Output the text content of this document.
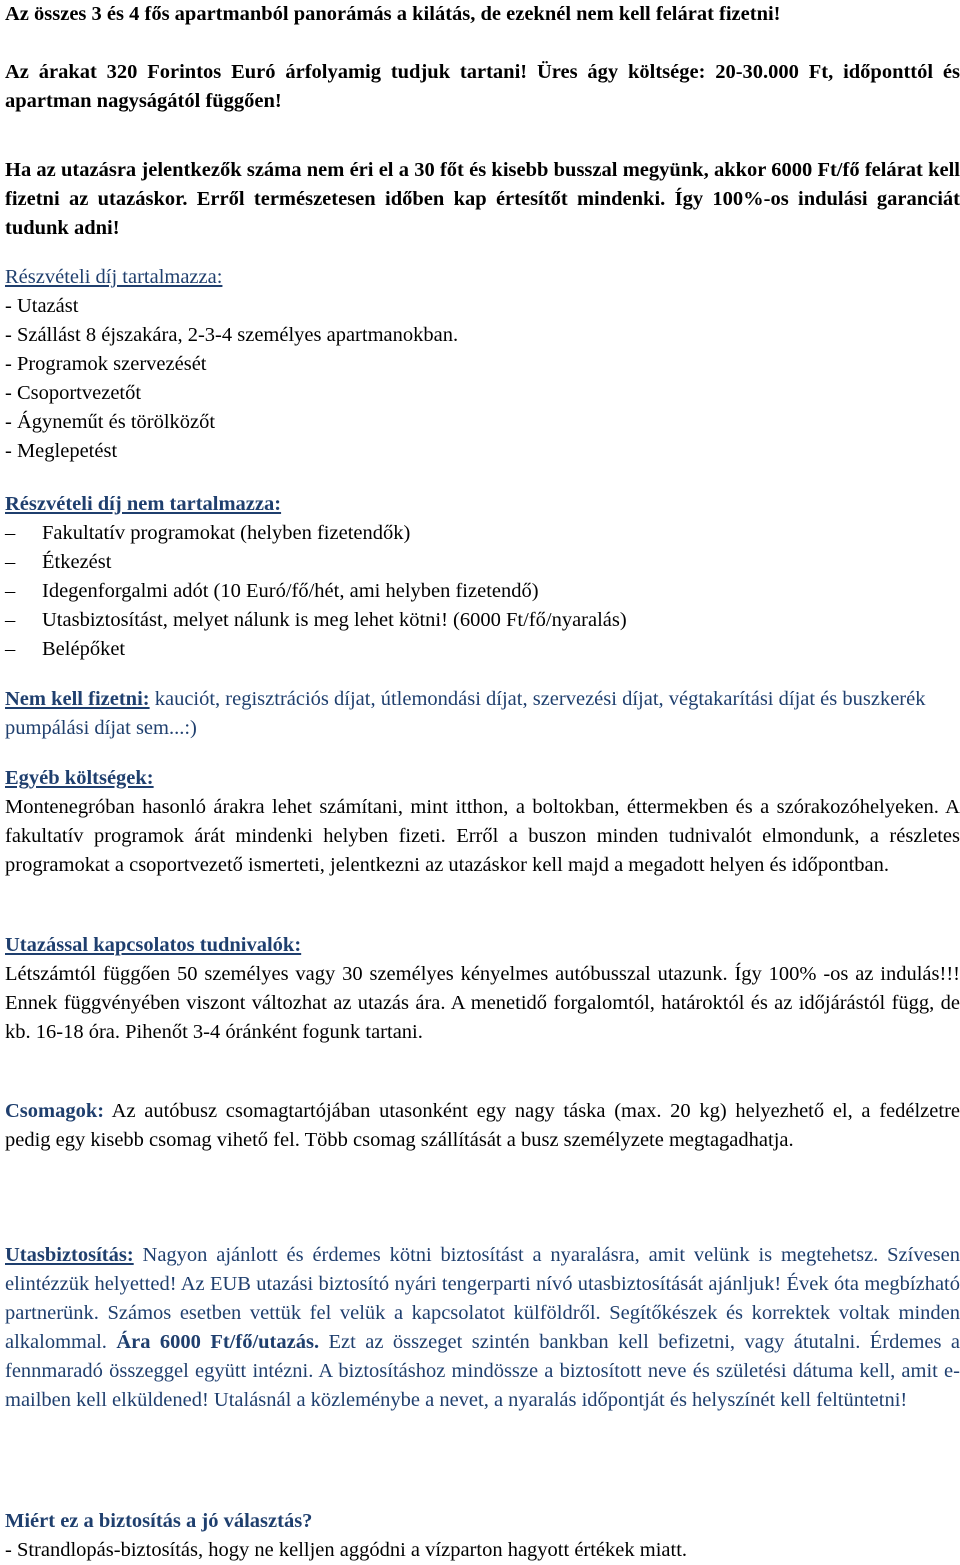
Az összes 3 és 4 fős apartmanból panorámás a kilátás, de ezeknél nem kell felárat fizetni!

Az árakat 320 Forintos Euró árfolyamig tudjuk tartani! Üres ágy költsége: 20-30.000 Ft, időponttól és apartman nagyságától függően!

Ha az utazásra jelentkezők száma nem éri el a 30 főt és kisebb busszal megyünk, akkor 6000 Ft/fő felárat kell fizetni az utazáskor. Erről természetesen időben kap értesítőt mindenki. Így 100%-os indulási garanciát tudunk adni!

Részvételi díj tartalmazza:

- Utazást

- Szállást 8 éjszakára, 2-3-4 személyes apartmanokban.

- Programok szervezését

- Csoportvezetőt

- Ágyneműt és törölközőt

- Meglepetést

Részvételi díj nem tartalmazza:

– Fakultatív programokat (helyben fizetendők)
– Étkezést
– Idegenforgalmi adót (10 Euró/fő/hét, ami helyben fizetendő)
– Utasbiztosítást, melyet nálunk is meg lehet kötni! (6000 Ft/fő/nyaralás)
– Belépőket

Nem kell fizetni: kauciót, regisztrációs díjat, útlemondási díjat, szervezési díjat, végtakarítási díjat és buszkerék pumpálási díjat sem...:)

Egyéb költségek:

Montenegróban hasonló árakra lehet számítani, mint itthon, a boltokban, éttermekben és a szórakozóhelyeken. A fakultatív programok árát mindenki helyben fizeti. Erről a buszon minden tudnivalót elmondunk, a részletes programokat a csoportvezető ismerteti, jelentkezni az utazáskor kell majd a megadott helyen és időpontban.

Utazással kapcsolatos tudnivalók:

Létszámtól függően 50 személyes vagy 30 személyes kényelmes autóbusszal utazunk. Így 100% -os az indulás!!! Ennek függvényében viszont változhat az utazás ára. A menetidő forgalomtól, határoktól és az időjárástól függ, de kb. 16-18 óra. Pihenőt 3-4 óránként fogunk tartani.

Csomagok: Az autóbusz csomagtartójában utasonként egy nagy táska (max. 20 kg) helyezhető el, a fedélzetre pedig egy kisebb csomag vihető fel. Több csomag szállítását a busz személyzete megtagadhatja.

Utasbiztosítás: Nagyon ajánlott és érdemes kötni biztosítást a nyaralásra, amit velünk is megtehetsz. Szívesen elintézzük helyetted! Az EUB utazási biztosító nyári tengerparti nívó utasbiztosítását ajánljuk! Évek óta megbízható partnerünk. Számos esetben vettük fel velük a kapcsolatot külföldről. Segítőkészek és korrektek voltak minden alkalommal. Ára 6000 Ft/fő/utazás. Ezt az összeget szintén bankban kell befizetni, vagy átutalni. Érdemes a fennmaradó összeggel együtt intézni. A biztosításhoz mindössze a biztosított neve és születési dátuma kell, amit e-mailben kell elküldened! Utalásnál a közleménybe a nevet, a nyaralás időpontját és helyszínét kell feltüntetni!

Miért ez a biztosítás a jó választás?

- Strandlopás-biztosítás, hogy ne kelljen aggódni a vízparton hagyott értékek miatt.
